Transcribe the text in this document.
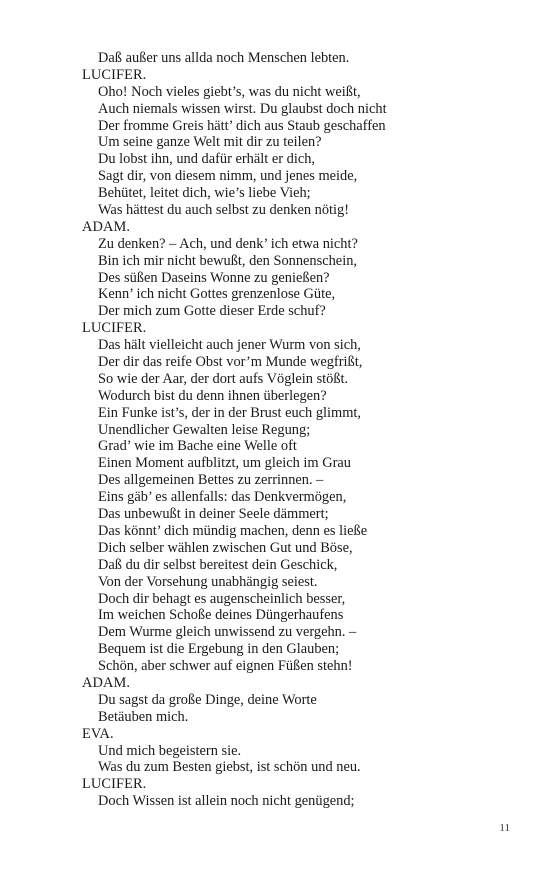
Daß außer uns allda noch Menschen lebten.
LUCIFER.
Oho! Noch vieles giebt’s, was du nicht weißt,
Auch niemals wissen wirst. Du glaubst doch nicht
Der fromme Greis hätt’ dich aus Staub geschaffen
Um seine ganze Welt mit dir zu teilen?
Du lobst ihn, und dafür erhält er dich,
Sagt dir, von diesem nimm, und jenes meide,
Behütet, leitet dich, wie’s liebe Vieh;
Was hättest du auch selbst zu denken nötig!
ADAM.
Zu denken? – Ach, und denk’ ich etwa nicht?
Bin ich mir nicht bewußt, den Sonnenschein,
Des süßen Daseins Wonne zu genießen?
Kenn’ ich nicht Gottes grenzenlose Güte,
Der mich zum Gotte dieser Erde schuf?
LUCIFER.
Das hält vielleicht auch jener Wurm von sich,
Der dir das reife Obst vor’m Munde wegfrißt,
So wie der Aar, der dort aufs Vöglein stößt.
Wodurch bist du denn ihnen überlegen?
Ein Funke ist’s, der in der Brust euch glimmt,
Unendlicher Gewalten leise Regung;
Grad’ wie im Bache eine Welle oft
Einen Moment aufblitzt, um gleich im Grau
Des allgemeinen Bettes zu zerrinnen. –
Eins gäb’ es allenfalls: das Denkvermögen,
Das unbewußt in deiner Seele dämmert;
Das könnt’ dich mündig machen, denn es ließe
Dich selber wählen zwischen Gut und Böse,
Daß du dir selbst bereitest dein Geschick,
Von der Vorsehung unabhängig seiest.
Doch dir behagt es augenscheinlich besser,
Im weichen Schoße deines Düngerhaufens
Dem Wurme gleich unwissend zu vergehn. –
Bequem ist die Ergebung in den Glauben;
Schön, aber schwer auf eignen Füßen stehn!
ADAM.
Du sagst da große Dinge, deine Worte
Betäuben mich.
EVA.
Und mich begeistern sie.
Was du zum Besten giebst, ist schön und neu.
LUCIFER.
Doch Wissen ist allein noch nicht genügend;
11
